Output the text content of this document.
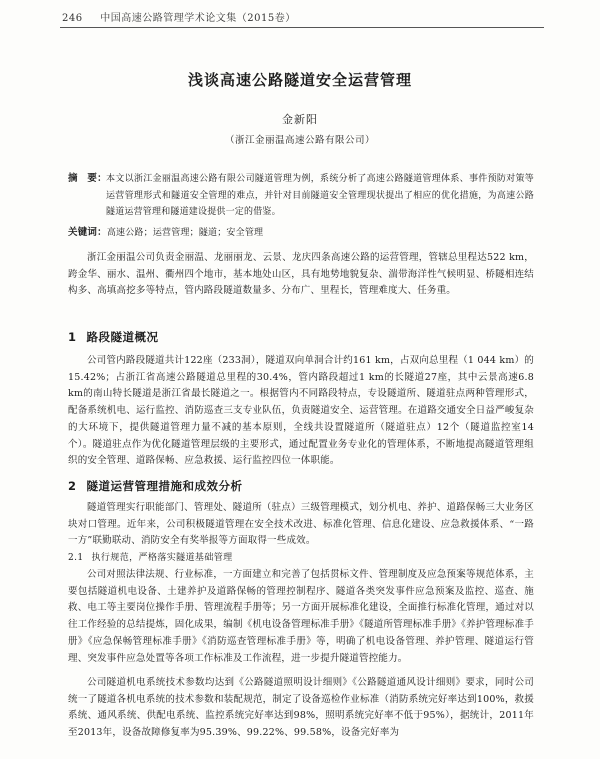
246 中国高速公路管理学术论文集（2015卷）
浅谈高速公路隧道安全运营管理
金新阳
（浙江金丽温高速公路有限公司）
摘　要： 本文以浙江金丽温高速公路有限公司隧道管理为例，系统分析了高速公路隧道管理体系、事件预防对策等运营管理形式和隧道安全管理的难点，并针对目前隧道安全管理现状提出了相应的优化措施，为高速公路隧道运营管理和隧道建设提供一定的借鉴。
关键词：高速公路；运营管理；隧道；安全管理
浙江金丽温公司负责金丽温、龙丽丽龙、云景、龙庆四条高速公路的运营管理，管辖总里程达522 km，跨金华、丽水、温州、衢州四个地市，基本地处山区，具有地势地貌复杂、湍带海洋性气候明显、桥隧相连结构多、高填高挖多等特点，管内路段隧道数量多、分布广、里程长，管理难度大、任务重。
1 路段隧道概况
公司管内路段隧道共计122座（233洞），隧道双向单洞合计约161 km，占双向总里程（1 044 km）的15.42%；占浙江省高速公路隧道总里程的30.4%，管内路段超过1 km的长隧道27座，其中云景高速6.8 km的南山特长隧道是浙江省最长隧道之一。根据管内不同路段特点，专设隧道所、隧道驻点两种管理形式，配备系统机电、运行监控、消防巡查三支专业队伍，负责隧道安全、运营管理。在道路交通安全日益严峻复杂的大环境下，提供隧道管理力量不减的基本原则，全线共设置隧道所（隧道驻点）12个（隧道监控室14个）。隧道驻点作为优化隧道管理层级的主要形式，通过配置业务专业化的管理体系，不断地提高隧道管理组织的安全管理、道路保畅、应急救援、运行监控四位一体职能。
2 隧道运营管理措施和成效分析
隧道管理实行职能部门、管理处、隧道所（驻点）三级管理模式，划分机电、养护、道路保畅三大业务区块对口管理。近年来，公司积极隧道管理在安全技术改进、标准化管理、信息化建设、应急救援体系、“一路一方”联勤联动、消防安全有奖举报等方面取得一些成效。
2.1 执行规范，严格落实隧道基础管理
公司对照法律法规、行业标准，一方面建立和完善了包括贯标文件、管理制度及应急预案等规范体系，主要包括隧道机电设备、土建养护及道路保畅的管理控制程序、隧道各类突发事件应急预案及监控、巡查、施救、电工等主要岗位操作手册、管理流程手册等；另一方面开展标准化建设，全面推行标准化管理，通过对以往工作经验的总结提炼，固化成果，编制《机电设备管理标准手册》《隧道所管理标准手册》《养护管理标准手册》《应急保畅管理标准手册》《消防巡查管理标准手册》等，明确了机电设备管理、养护管理、隧道运行管理、突发事件应急处置等各项工作标准及工作流程，进一步提升隧道管控能力。
公司隧道机电系统技术参数均达到《公路隧道照明设计细则》《公路隧道通风设计细则》要求，同时公司统一了隧道各机电系统的技术参数和装配规范，制定了设备巡检作业标准（消防系统完好率达到100%，救援系统、通风系统、供配电系统、监控系统完好率达到98%，照明系统完好率不低于95%），据统计，2011年至2013年，设备故障修复率为95.39%、99.22%、99.58%，设备完好率为
